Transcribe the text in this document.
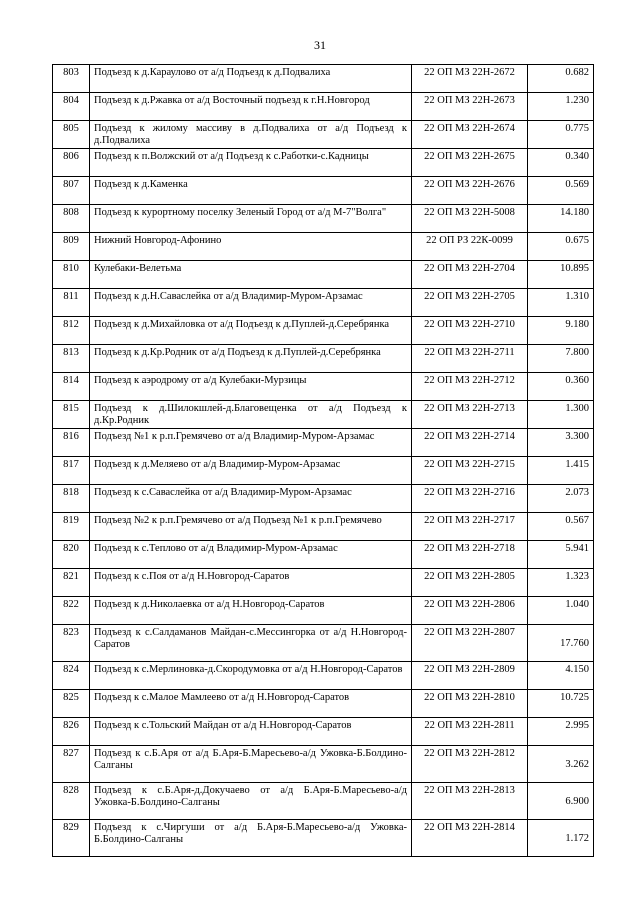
31
803	Подъезд к д.Караулово от а/д Подъезд к д.Подвалиха	22 ОП МЗ 22Н-2672	0.682
804	Подъезд к д.Ржавка от а/д Восточный подъезд к г.Н.Новгород	22 ОП МЗ 22Н-2673	1.230
805	Подъезд к жилому массиву в д.Подвалиха от а/д Подъезд к д.Подвалиха	22 ОП МЗ 22Н-2674	0.775
806	Подъезд к п.Волжский от а/д Подъезд к с.Работки-с.Кадницы	22 ОП МЗ 22Н-2675	0.340
807	Подъезд к д.Каменка	22 ОП МЗ 22Н-2676	0.569
808	Подъезд к курортному поселку Зеленый Город от а/д М-7"Волга"	22 ОП МЗ 22Н-5008	14.180
809	Нижний Новгород-Афонино	22 ОП РЗ 22К-0099	0.675
810	Кулебаки-Велетьма	22 ОП МЗ 22Н-2704	10.895
811	Подъезд к д.Н.Саваслейка от а/д Владимир-Муром-Арзамас	22 ОП МЗ 22Н-2705	1.310
812	Подъезд к д.Михайловка от а/д Подъезд к д.Пуплей-д.Серебрянка	22 ОП МЗ 22Н-2710	9.180
813	Подъезд к д.Кр.Родник от а/д Подъезд к д.Пуплей-д.Серебрянка	22 ОП МЗ 22Н-2711	7.800
814	Подъезд к аэродрому от а/д Кулебаки-Мурзицы	22 ОП МЗ 22Н-2712	0.360
815	Подъезд к д.Шилокшлей-д.Благовещенка от а/д Подъезд к д.Кр.Родник	22 ОП МЗ 22Н-2713	1.300
816	Подъезд №1 к р.п.Гремячево от а/д Владимир-Муром-Арзамас	22 ОП МЗ 22Н-2714	3.300
817	Подъезд к д.Меляево от а/д Владимир-Муром-Арзамас	22 ОП МЗ 22Н-2715	1.415
818	Подъезд к с.Саваслейка от а/д Владимир-Муром-Арзамас	22 ОП МЗ 22Н-2716	2.073
819	Подъезд №2 к р.п.Гремячево от а/д Подъезд №1 к р.п.Гремячево	22 ОП МЗ 22Н-2717	0.567
820	Подъезд к с.Теплово от а/д Владимир-Муром-Арзамас	22 ОП МЗ 22Н-2718	5.941
821	Подъезд к с.Поя от а/д Н.Новгород-Саратов	22 ОП МЗ 22Н-2805	1.323
822	Подъезд к д.Николаевка от а/д Н.Новгород-Саратов	22 ОП МЗ 22Н-2806	1.040
823	Подъезд к с.Салдаманов Майдан-с.Мессингорка от а/д Н.Новгород-Саратов	22 ОП МЗ 22Н-2807	17.760
824	Подъезд к с.Мерлиновка-д.Скородумовка от а/д Н.Новгород-Саратов	22 ОП МЗ 22Н-2809	4.150
825	Подъезд к с.Малое Мамлеево от а/д Н.Новгород-Саратов	22 ОП МЗ 22Н-2810	10.725
826	Подъезд к с.Тольский Майдан от а/д Н.Новгород-Саратов	22 ОП МЗ 22Н-2811	2.995
827	Подъезд к с.Б.Аря от а/д Б.Аря-Б.Маресьево-а/д Ужовка-Б.Болдино-Салганы	22 ОП МЗ 22Н-2812	3.262
828	Подъезд к с.Б.Аря-д.Докучаево от а/д Б.Аря-Б.Маресьево-а/д Ужовка-Б.Болдино-Салганы	22 ОП МЗ 22Н-2813	6.900
829	Подъезд к с.Чиргуши от а/д Б.Аря-Б.Маресьево-а/д Ужовка-Б.Болдино-Салганы	22 ОП МЗ 22Н-2814	1.172
